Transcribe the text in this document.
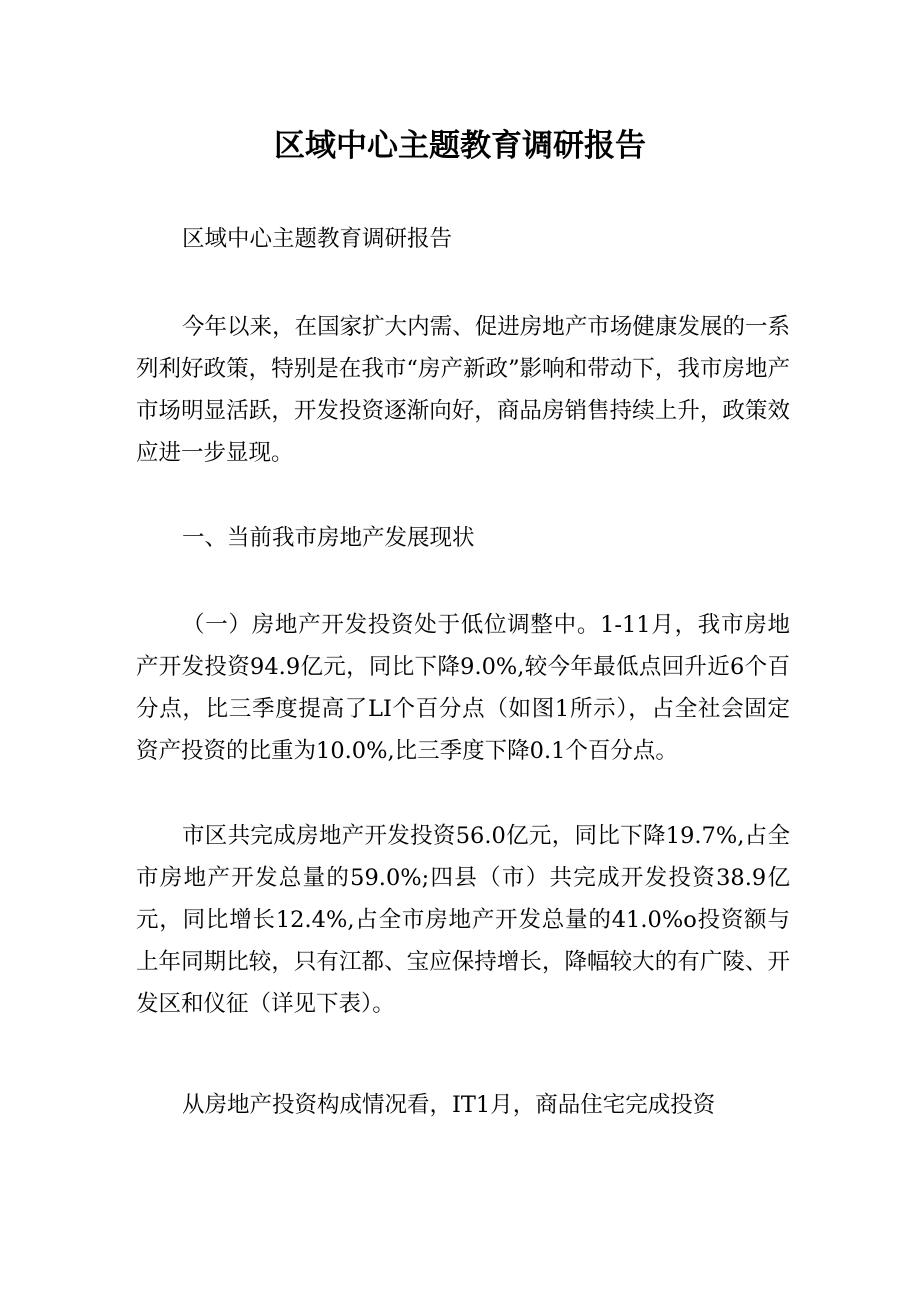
区域中心主题教育调研报告

区域中心主题教育调研报告

今年以来，在国家扩大内需、促进房地产市场健康发展的一系列利好政策，特别是在我市“房产新政”影响和带动下，我市房地产市场明显活跃，开发投资逐渐向好，商品房销售持续上升，政策效应进一步显现。

一、当前我市房地产发展现状

（一）房地产开发投资处于低位调整中。1-11月，我市房地产开发投资94.9亿元，同比下降9.0%,较今年最低点回升近6个百分点，比三季度提高了LI个百分点（如图1所示），占全社会固定资产投资的比重为10.0%,比三季度下降0.1个百分点。

市区共完成房地产开发投资56.0亿元，同比下降19.7%,占全市房地产开发总量的59.0%;四县（市）共完成开发投资38.9亿元，同比增长12.4%,占全市房地产开发总量的41.0%o投资额与上年同期比较，只有江都、宝应保持增长，降幅较大的有广陵、开发区和仪征（详见下表）。

从房地产投资构成情况看，IT1月，商品住宅完成投资
